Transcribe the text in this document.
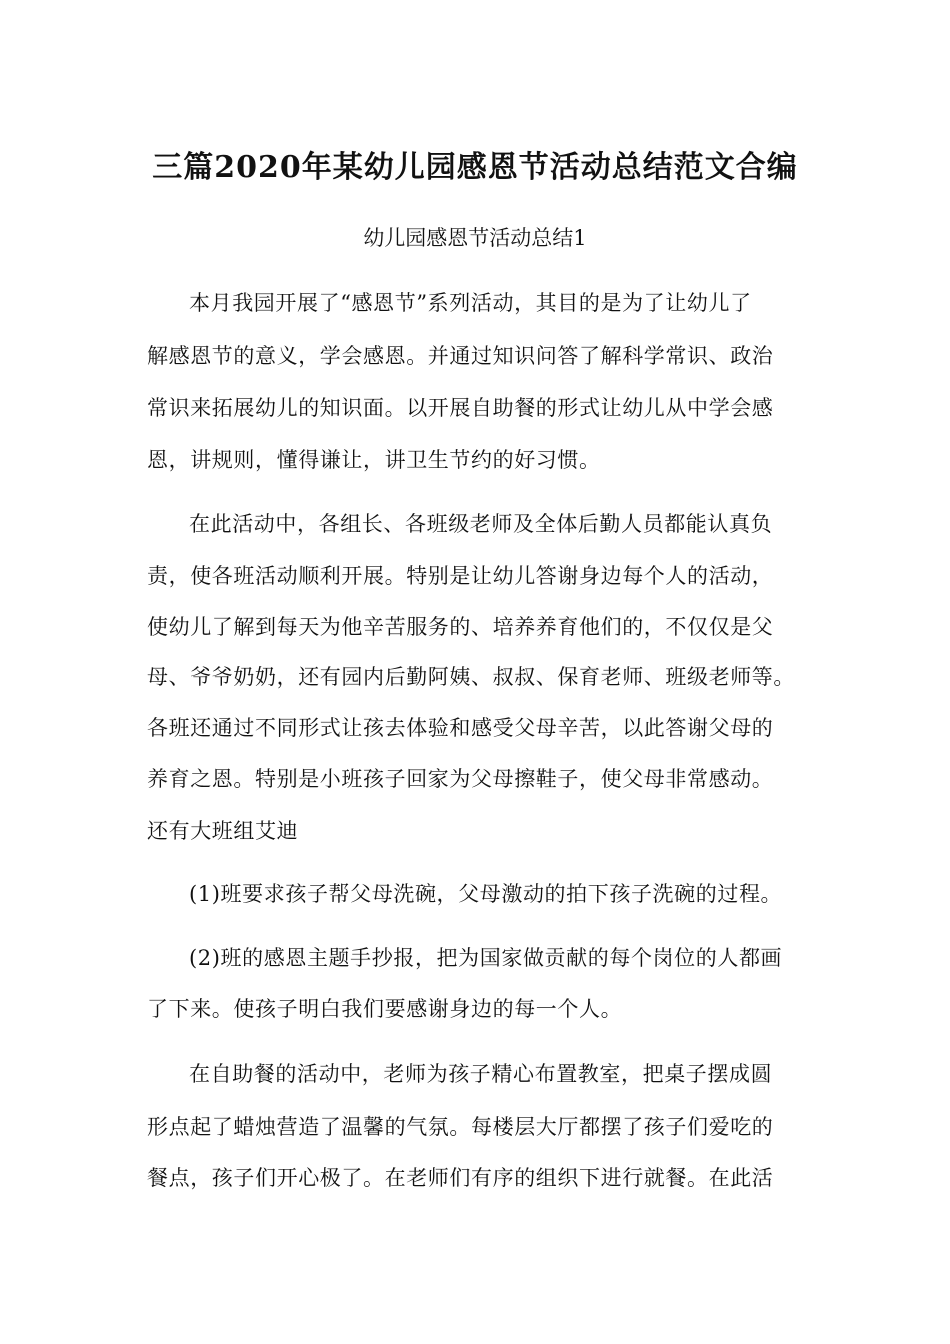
三篇2020年某幼儿园感恩节活动总结范文合编
幼儿园感恩节活动总结1
本月我园开展了“感恩节”系列活动，其目的是为了让幼儿了
解感恩节的意义，学会感恩。并通过知识问答了解科学常识、政治
常识来拓展幼儿的知识面。以开展自助餐的形式让幼儿从中学会感
恩，讲规则，懂得谦让，讲卫生节约的好习惯。
在此活动中，各组长、各班级老师及全体后勤人员都能认真负
责，使各班活动顺利开展。特别是让幼儿答谢身边每个人的活动，
使幼儿了解到每天为他辛苦服务的、培养养育他们的，不仅仅是父
母、爷爷奶奶，还有园内后勤阿姨、叔叔、保育老师、班级老师等。
各班还通过不同形式让孩去体验和感受父母辛苦，以此答谢父母的
养育之恩。特别是小班孩子回家为父母擦鞋子，使父母非常感动。
还有大班组艾迪
(1)班要求孩子帮父母洗碗，父母激动的拍下孩子洗碗的过程。
(2)班的感恩主题手抄报，把为国家做贡献的每个岗位的人都画
了下来。使孩子明白我们要感谢身边的每一个人。
在自助餐的活动中，老师为孩子精心布置教室，把桌子摆成圆
形点起了蜡烛营造了温馨的气氛。每楼层大厅都摆了孩子们爱吃的
餐点，孩子们开心极了。在老师们有序的组织下进行就餐。在此活
